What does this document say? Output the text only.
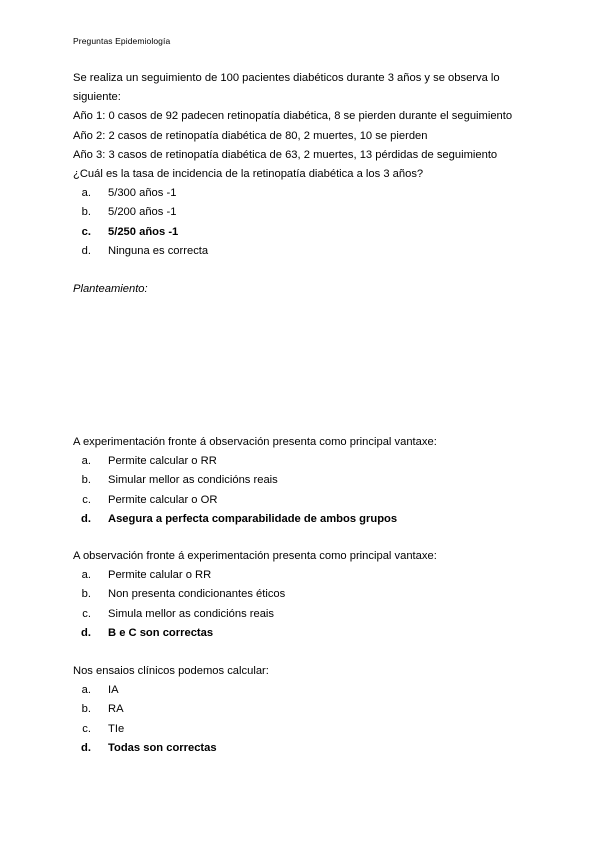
Preguntas Epidemiología
Se realiza un seguimiento de 100 pacientes diabéticos durante 3 años y se observa lo
siguiente:
Año 1: 0 casos de 92 padecen retinopatía diabética, 8 se pierden durante el seguimiento
Año 2: 2 casos de retinopatía diabética de 80, 2 muertes, 10 se pierden
Año 3: 3 casos de retinopatía diabética de 63, 2 muertes, 13 pérdidas de seguimiento
¿Cuál es la tasa de incidencia de la retinopatía diabética a los 3 años?
a. 5/300 años -1
b. 5/200 años -1
c. 5/250 años -1
d. Ninguna es correcta
Planteamiento:
A experimentación fronte á observación presenta como principal vantaxe:
a. Permite calcular o RR
b. Simular mellor as condicións reais
c. Permite calcular o OR
d. Asegura a perfecta comparabilidade de ambos grupos
A observación fronte á experimentación presenta como principal vantaxe:
a. Permite calular o RR
b. Non presenta condicionantes éticos
c. Simula mellor as condicións reais
d. B e C son correctas
Nos ensaios clínicos podemos calcular:
a. IA
b. RA
c. TIe
d. Todas son correctas
